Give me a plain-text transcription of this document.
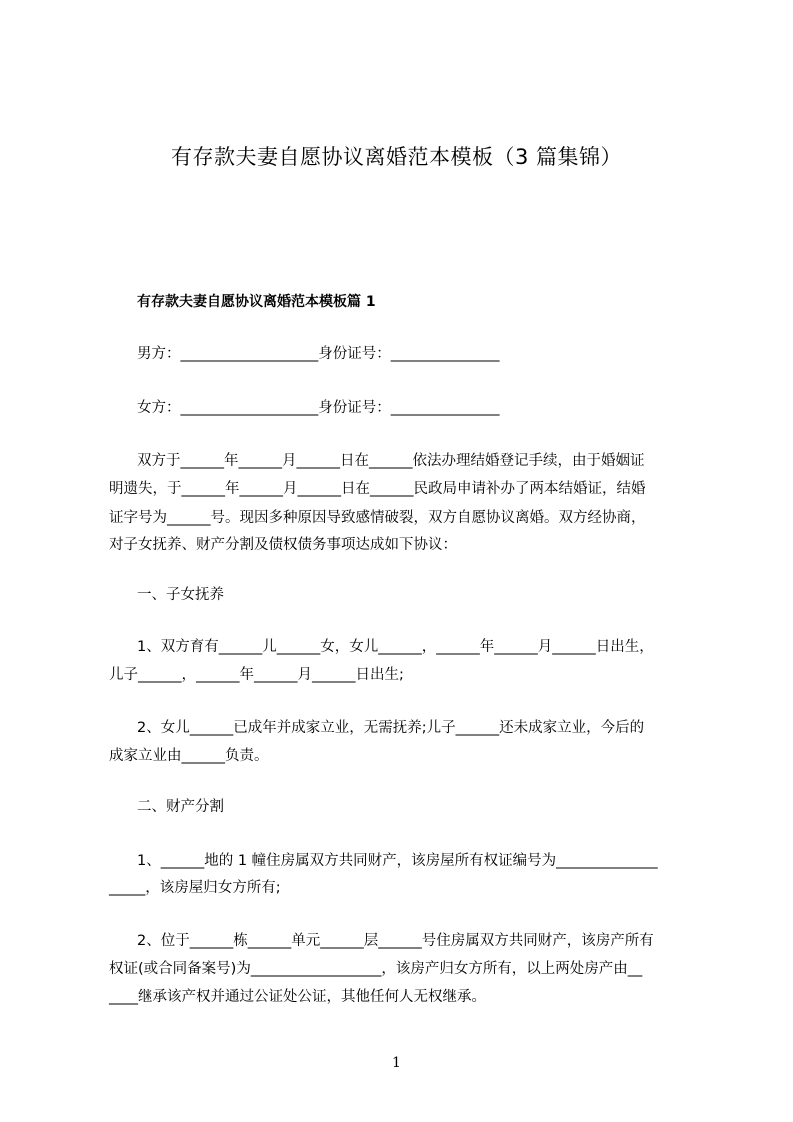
有存款夫妻自愿协议离婚范本模板（3 篇集锦）
有存款夫妻自愿协议离婚范本模板篇 1
男方：___________________身份证号：_______________
女方：___________________身份证号：_______________
双方于______年______月______日在______依法办理结婚登记手续，由于婚姻证
明遗失，于______年______月______日在______民政局申请补办了两本结婚证，结婚
证字号为______号。现因多种原因导致感情破裂，双方自愿协议离婚。双方经协商，
对子女抚养、财产分割及债权债务事项达成如下协议：
一、子女抚养
1、双方育有______儿______女，女儿______，______年______月______日出生，
儿子______，______年______月______日出生;
2、女儿______已成年并成家立业，无需抚养;儿子______还未成家立业，今后的
成家立业由______负责。
二、财产分割
1、______地的 1 幢住房属双方共同财产，该房屋所有权证编号为______________
_____，该房屋归女方所有;
2、位于______栋______单元______层______号住房属双方共同财产，该房产所有
权证(或合同备案号)为__________________，该房产归女方所有，以上两处房产由__
____继承该产权并通过公证处公证，其他任何人无权继承。
1
